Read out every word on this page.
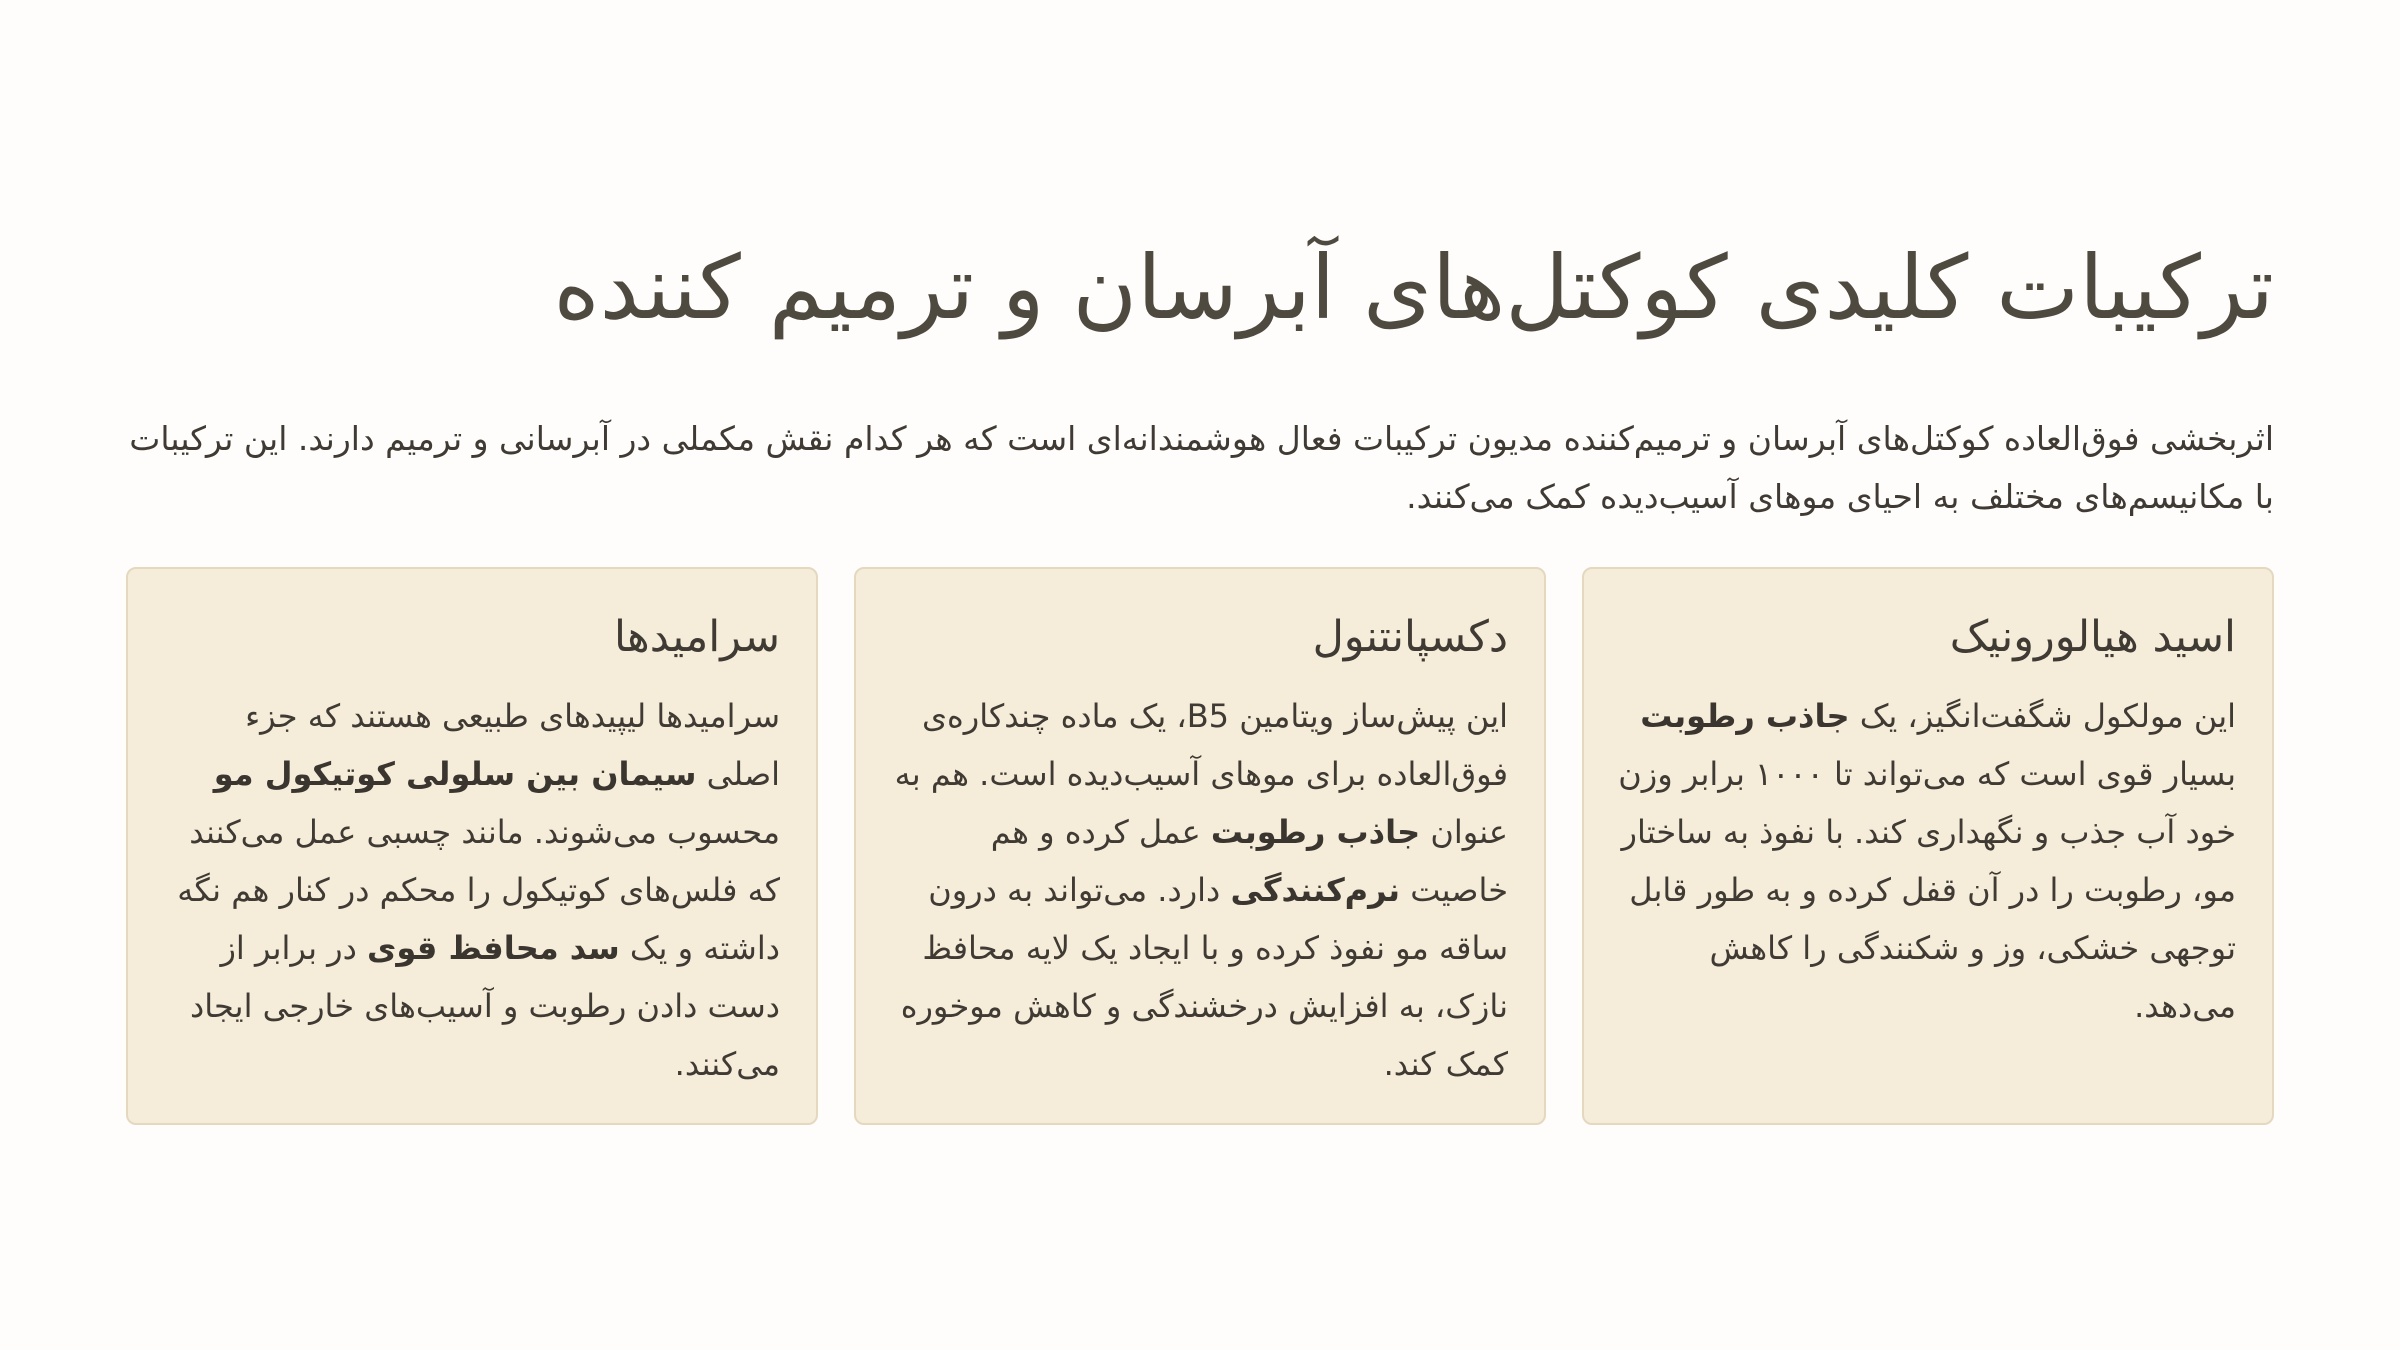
ترکیبات کلیدی کوکتل‌های آبرسان و ترمیم کننده

اثربخشی فوق‌العاده کوکتل‌های آبرسان و ترمیم‌کننده مدیون ترکیبات فعال هوشمندانه‌ای است که هر کدام نقش مکملی در آبرسانی و ترمیم دارند. این ترکیبات با مکانیسم‌های مختلف به احیای موهای آسیب‌دیده کمک می‌کنند.

اسید هیالورونیک

این مولکول شگفت‌انگیز، یک جاذب رطوبت بسیار قوی است که می‌تواند تا ۱۰۰۰ برابر وزن خود آب جذب و نگهداری کند. با نفوذ به ساختار مو، رطوبت را در آن قفل کرده و به طور قابل توجهی خشکی، وز و شکنندگی را کاهش می‌دهد.

دکسپانتنول

این پیش‌ساز ویتامین B5، یک ماده چندکاره‌ی فوق‌العاده برای موهای آسیب‌دیده است. هم به عنوان جاذب رطوبت عمل کرده و هم خاصیت نرم‌کنندگی دارد. می‌تواند به درون ساقه مو نفوذ کرده و با ایجاد یک لایه محافظ نازک، به افزایش درخشندگی و کاهش موخوره کمک کند.

سرامیدها

سرامیدها لیپیدهای طبیعی هستند که جزء اصلی سیمان بین سلولی کوتیکول مو محسوب می‌شوند. مانند چسبی عمل می‌کنند که فلس‌های کوتیکول را محکم در کنار هم نگه داشته و یک سد محافظ قوی در برابر از دست دادن رطوبت و آسیب‌های خارجی ایجاد می‌کنند.
